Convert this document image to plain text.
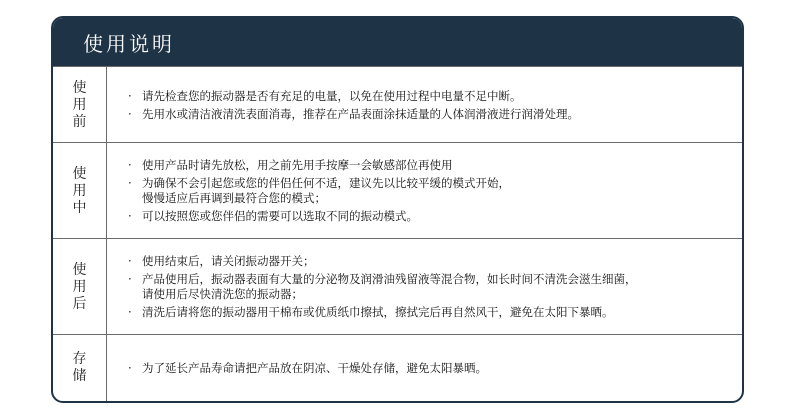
使用说明
使
用
前
· 请先检查您的振动器是否有充足的电量，以免在使用过程中电量不足中断。
· 先用水或清洁液清洗表面消毒，推荐在产品表面涂抹适量的人体润滑液进行润滑处理。
使
用
中
· 使用产品时请先放松，用之前先用手按摩一会敏感部位再使用
· 为确保不会引起您或您的伴侣任何不适，建议先以比较平缓的模式开始，
慢慢适应后再调到最符合您的模式；
· 可以按照您或您伴侣的需要可以选取不同的振动模式。
使
用
后
· 使用结束后，请关闭振动器开关；
· 产品使用后，振动器表面有大量的分泌物及润滑油残留液等混合物，如长时间不清洗会滋生细菌，
请使用后尽快清洗您的振动器；
· 清洗后请将您的振动器用干棉布或优质纸巾擦拭，擦拭完后再自然风干，避免在太阳下暴晒。
存
储
· 为了延长产品寿命请把产品放在阴凉、干燥处存储，避免太阳暴晒。
